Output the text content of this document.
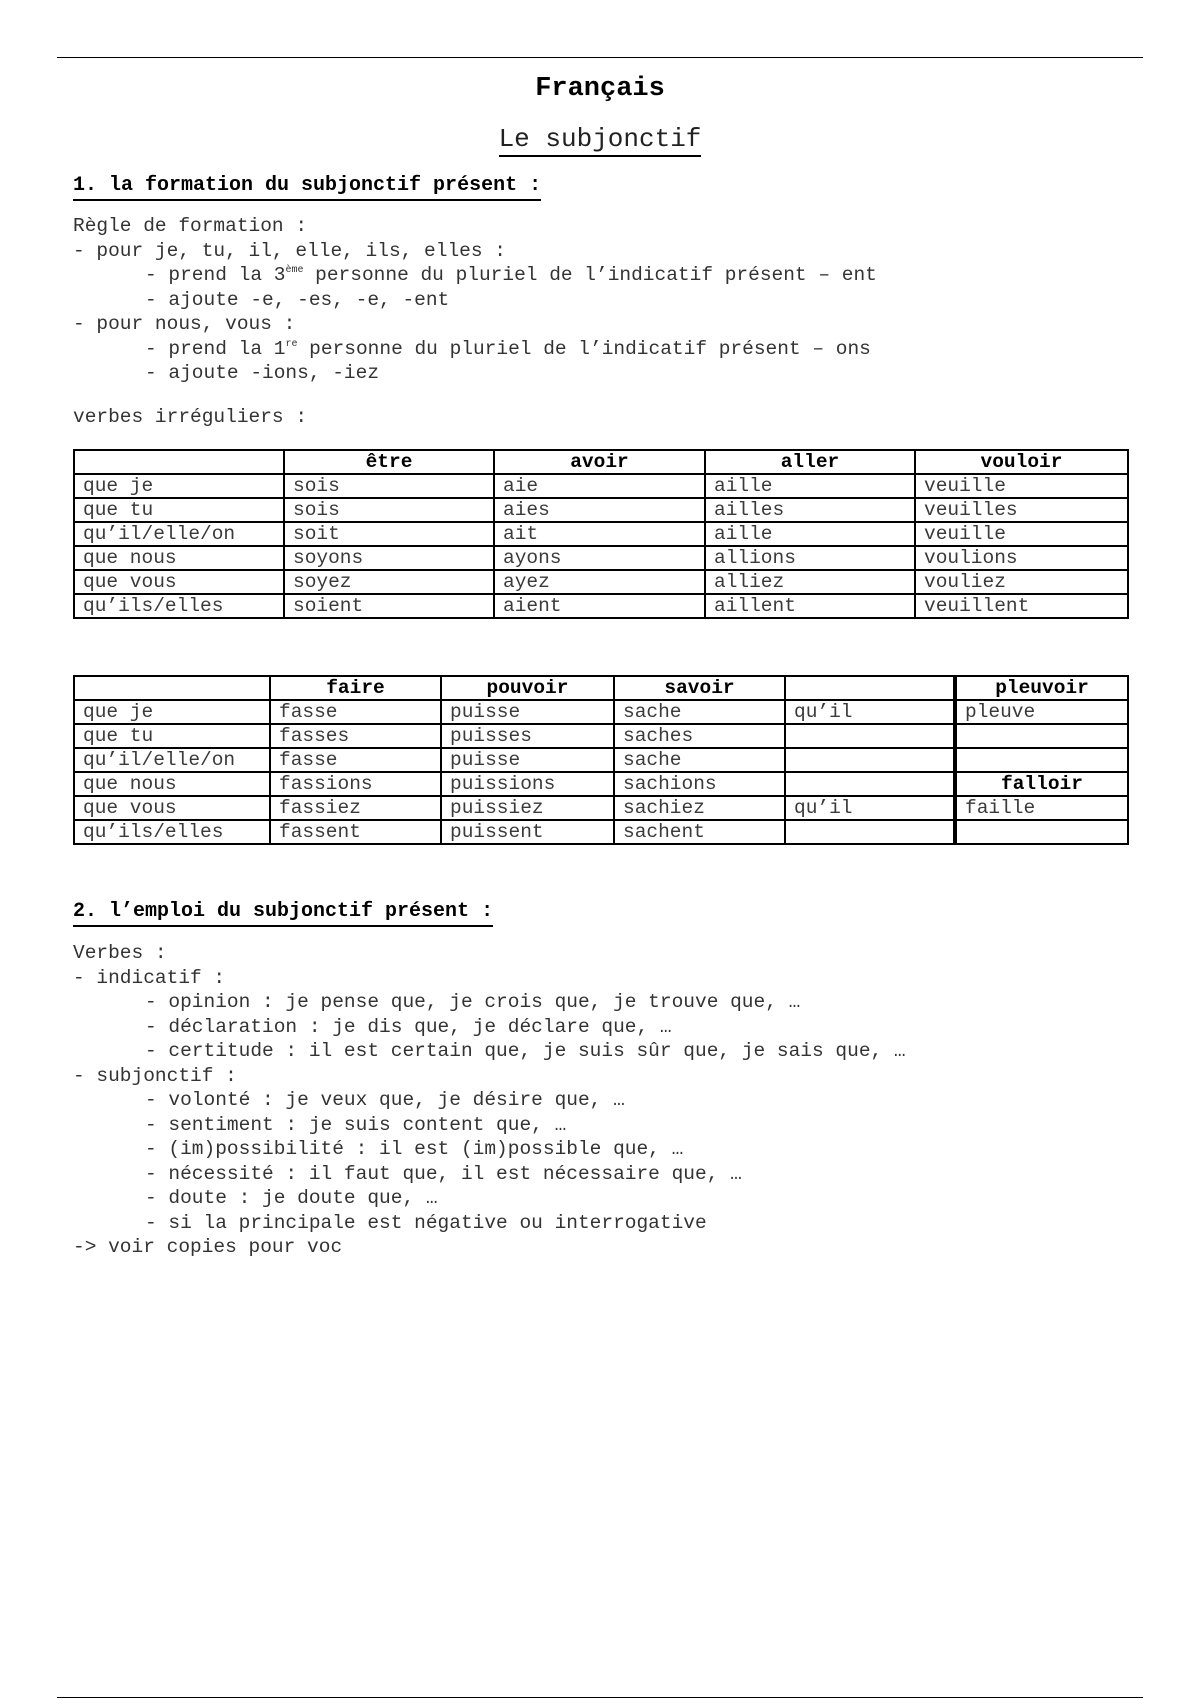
Français
Le subjonctif
1. la formation du subjonctif présent :
Règle de formation :
- pour je, tu, il, elle, ils, elles :

- prend la 3ème personne du pluriel de l’indicatif présent – ent
- ajoute -e, -es, -e, -ent
- pour nous, vous :

- prend la 1re personne du pluriel de l’indicatif présent – ons
- ajoute -ions, -iez
verbes irréguliers :
	être	avoir	aller	vouloir
que je	sois	aie	aille	veuille
que tu	sois	aies	ailles	veuilles
qu’il/elle/on	soit	ait	aille	veuille
que nous	soyons	ayons	allions	voulions
que vous	soyez	ayez	alliez	vouliez
qu’ils/elles	soient	aient	aillent	veuillent
	faire	pouvoir	savoir		pleuvoir
que je	fasse	puisse	sache	qu’il	pleuve
que tu	fasses	puisses	saches		
qu’il/elle/on	fasse	puisse	sache		
que nous	fassions	puissions	sachions		falloir
que vous	fassiez	puissiez	sachiez	qu’il	faille
qu’ils/elles	fassent	puissent	sachent		
2. l’emploi du subjonctif présent :
Verbes :
- indicatif :

- opinion : je pense que, je crois que, je trouve que, …
- déclaration : je dis que, je déclare que, …
- certitude : il est certain que, je suis sûr que, je sais que, …
- subjonctif :

- volonté : je veux que, je désire que, …
- sentiment : je suis content que, …
- (im)possibilité : il est (im)possible que, …
- nécessité : il faut que, il est nécessaire que, …
- doute : je doute que, …
- si la principale est négative ou interrogative
-> voir copies pour voc
